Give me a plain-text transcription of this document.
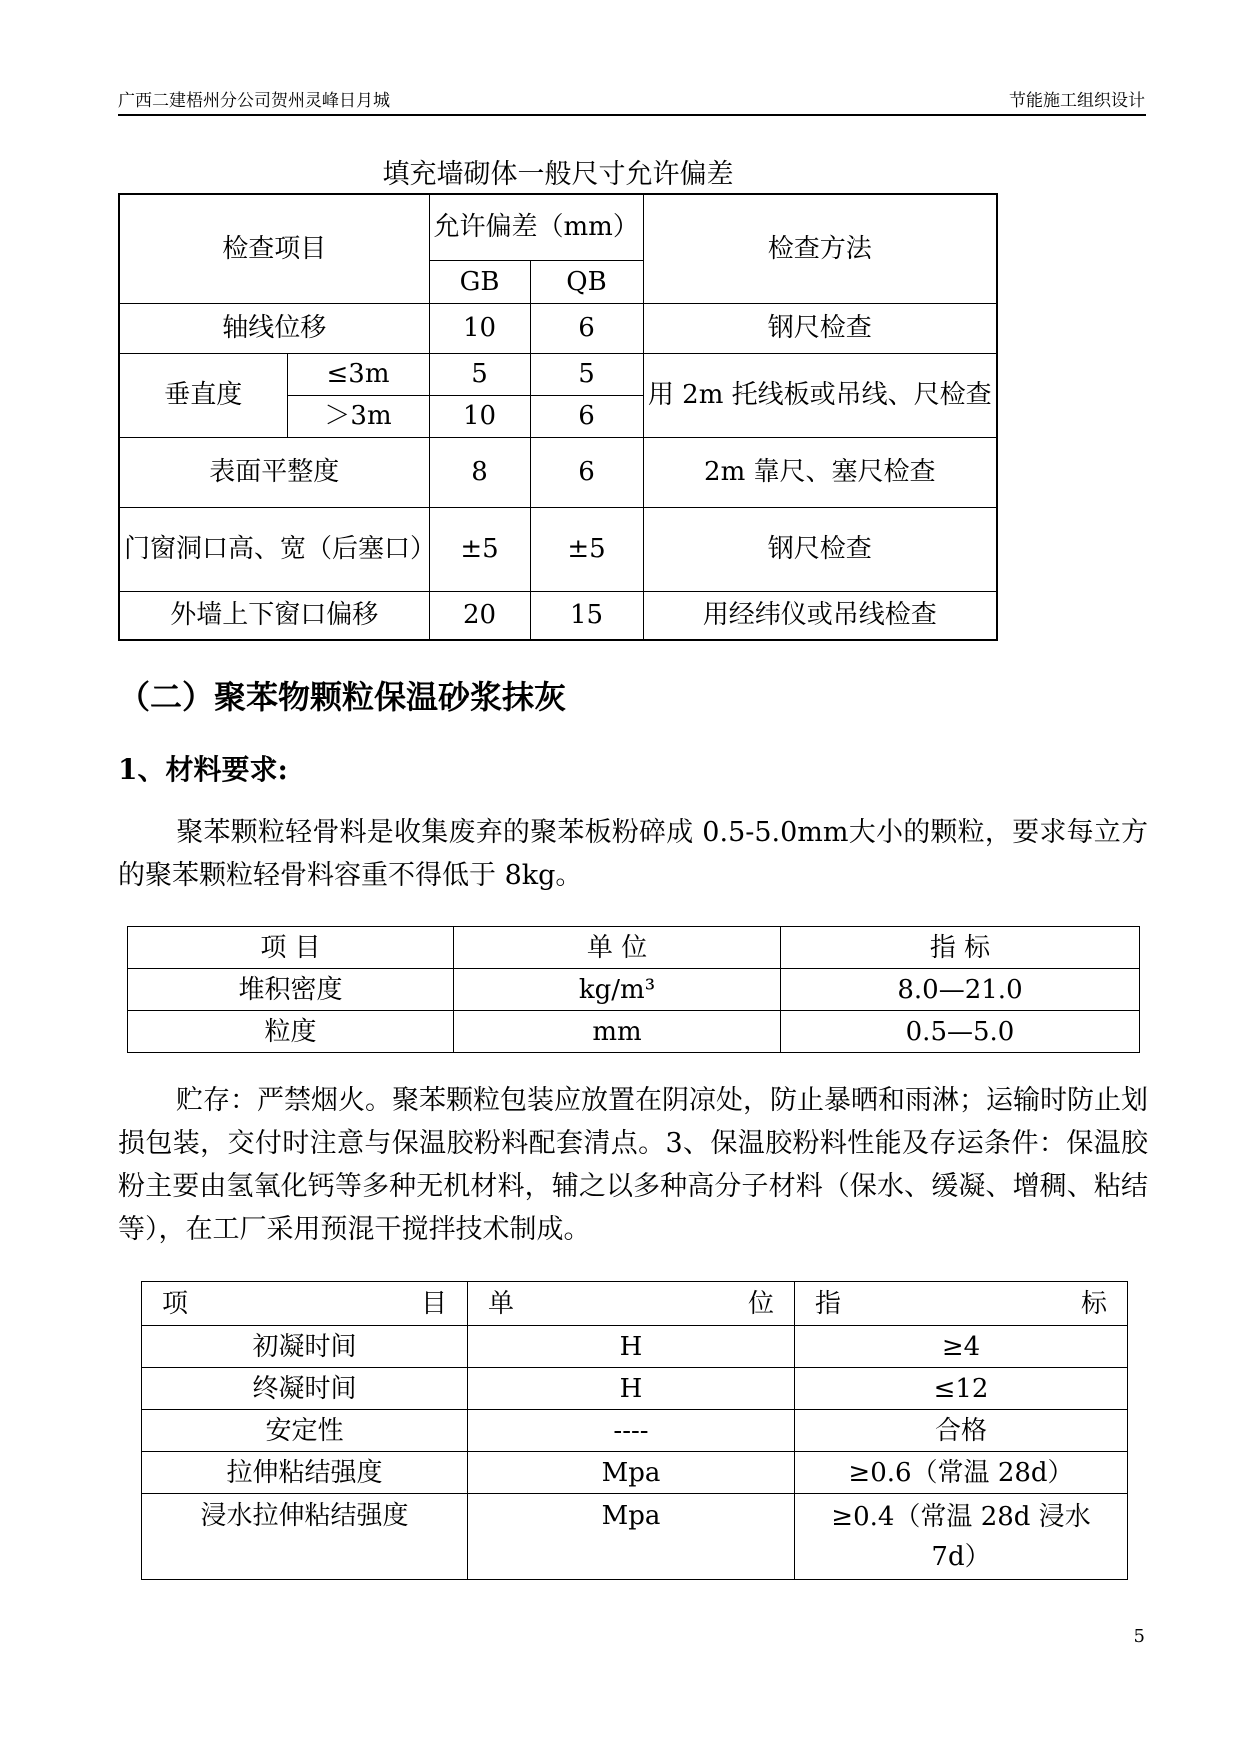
广西二建梧州分公司贺州灵峰日月城	节能施工组织设计
填充墙砌体一般尺寸允许偏差
检查项目		允许偏差（mm）		检查方法
		GB	QB	
轴线位移		10	6	钢尺检查
垂直度	≤3m	5	5	用 2m 托线板或吊线、尺检查
	＞3m	10	6	
表面平整度		8	6	2m 靠尺、塞尺检查
门窗洞口高、宽（后塞口）		±5	±5	钢尺检查
外墙上下窗口偏移		20	15	用经纬仪或吊线检查
（二）聚苯物颗粒保温砂浆抹灰
1、材料要求:
聚苯颗粒轻骨料是收集废弃的聚苯板粉碎成 0.5-5.0mm大小的颗粒，要求每立方的聚苯颗粒轻骨料容重不得低于 8kg。
项 目	单 位	指 标
堆积密度	kg/m³	8.0—21.0
粒度	mm	0.5—5.0
贮存：严禁烟火。聚苯颗粒包装应放置在阴凉处，防止暴晒和雨淋；运输时防止划损包装，交付时注意与保温胶粉料配套清点。3、保温胶粉料性能及存运条件：保温胶粉主要由氢氧化钙等多种无机材料，辅之以多种高分子材料（保水、缓凝、增稠、粘结等），在工厂采用预混干搅拌技术制成。
项 目	单 位	指 标

初凝时间	H	≥4
终凝时间	H	≤12
安定性	----	合格
拉伸粘结强度	Mpa	≥0.6（常温 28d）
浸水拉伸粘结强度	Mpa	≥0.4（常温 28d 浸水 7d）
5
